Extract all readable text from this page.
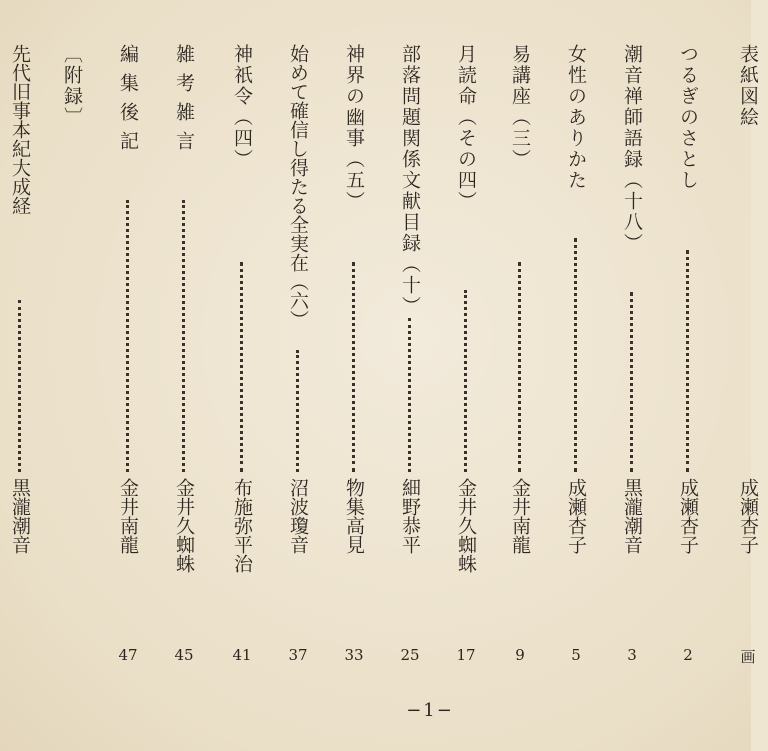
表紙図絵
成瀬杏子
画
つるぎのさとし
成瀬杏子
2
潮音禅師語録（十八）
黒瀧潮音
3
女性のありかた
成瀬杏子
5
易講座（三）
金井南龍
9
月読命（その四）
金井久蜘蛛
17
部落問題関係文献目録（十）
細野恭平
25
神界の幽事（五）
物集高見
33
始めて確信し得たる全実在（六）
沼波瓊音
37
神祇令（四）
布施弥平治
41
雑考雑言
金井久蜘蛛
45
編集後記
金井南龍
47
〔附録〕
先代旧事本紀大成経
黒瀧潮音
−1−
